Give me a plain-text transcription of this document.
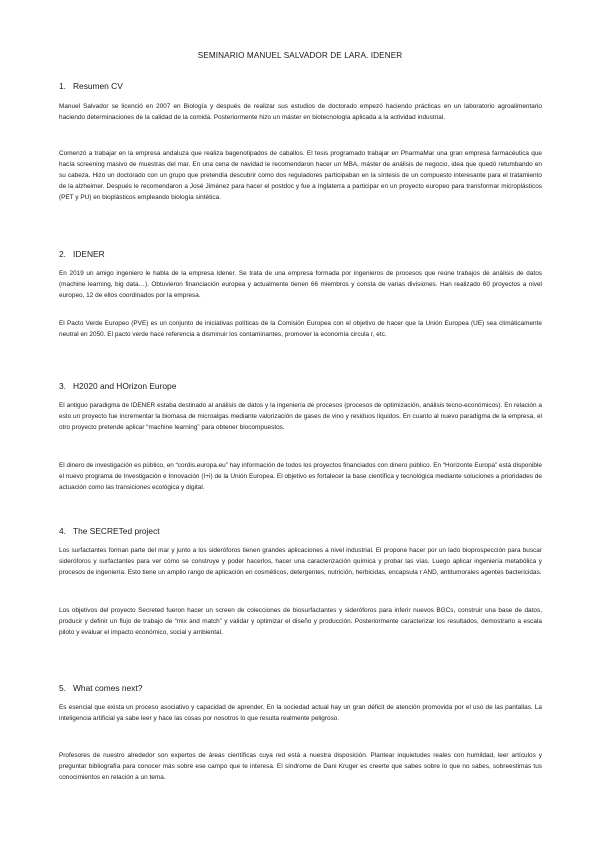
SEMINARIO MANUEL SALVADOR DE LARA. IDENER
1. Resumen CV
Manuel Salvador se licenció en 2007 en Biología y después de realizar sus estudios de doctorado empezó haciendo prácticas en un laboratorio agroalimentario haciendo determinaciones de la calidad de la comida. Posteriormente hizo un máster en biotecnología aplicada a la actividad industrial.
Comenzó a trabajar en la empresa andaluza que realiza bagenotipados de caballos. El tesis programado trabajar en PharmaMar una gran empresa farmacéutica que hacía screening masivo de muestras del mar. En una cena de navidad le recomendaron hacer un MBA, máster de análisis de negocio, idea que quedó retumbando en su cabeza. Hizo un doctorado con un grupo que pretendía descubrir como dos reguladores participaban en la síntesis de un compuesto interesante para el tratamiento de la alzheimer. Después le recomendaron a José Jiménez para hacer el postdoc y fue a Inglaterra a participar en un proyecto europeo para transformar microplásticos (PET y PU) en bioplásticos empleando biología sintética.
2. IDENER
En 2019 un amigo ingeniero le habla de la empresa Idener. Se trata de una empresa formada por ingenieros de procesos que reúne trabajos de análisis de datos (machine learning, big data…). Obtuvieron financiación europea y actualmente tienen 66 miembros y consta de varias divisiones. Han realizado 60 proyectos a nivel europeo, 12 de ellos coordinados por la empresa.
El Pacto Verde Europeo (PVE) es un conjunto de iniciativas políticas de la Comisión Europea con el objetivo de hacer que la Unión Europea (UE) sea climáticamente neutral en 2050. El pacto verde hace referencia a disminuir los contaminantes, promover la economía circula r, etc.
3. H2020 and HOrizon Europe
El antiguo paradigma de IDENER estaba destinado al análisis de datos y la ingeniería de procesos (procesos de optimización, análisis tecno-económicos). En relación a esto un proyecto fue incrementar la biomasa de microalgas mediante valorización de gases de vino y residuos líquidos. En cuanto al nuevo paradigma de la empresa, el otro proyecto pretende aplicar “machine learning” para obtener biocompuestos.
El dinero de investigación es público, en “cordis.europa.eu” hay información de todos los proyectos financiados con dinero público. En “Horizonte Europa” está disponible el nuevo programa de Investigación e Innovación (I+i) de la Unión Europea. El objetivo es fortalecer la base científica y tecnológica mediante soluciones a prioridades de actuación como las transiciones ecológica y digital.
4. The SECRETed project
Los surfactantes forman parte del mar y junto a los sideróforos tienen grandes aplicaciones a nivel industrial. El propone hacer por un lado bioprospección para buscar sideróforos y surfactantes para ver cómo se construye y poder hacerlos, hacer una caracterización química y probar las vías. Luego aplicar ingeniería metabólica y procesos de ingeniería. Esto tiene un amplio rango de aplicación en cosméticos, detergentes, nutrición, herbicidas, encapsula r AND, antitumorales agentes bactericidas.
Los objetivos del proyecto Secreted fueron hacer un screen de colecciones de biosurfactantes y sideróforos para inferir nuevos BGCs, construir una base de datos, producir y definir un flujo de trabajo de “mix and match” y validar y optimizar el diseño y producción. Posteriormente caracterizar los resultados, demostrarlo a escala piloto y evaluar el impacto económico, social y ambiental.
5. What comes next?
Es esencial que exista un proceso asociativo y capacidad de aprender. En la sociedad actual hay un gran déficit de atención promovida por el uso de las pantallas. La inteligencia artificial ya sabe leer y hace las cosas por nosotros lo que resulta realmente peligroso.
Profesores de nuestro alrededor son expertos de áreas científicas cuya red está a nuestra disposición. Plantear inquietudes reales con humildad, leer artículos y preguntar bibliografía para conocer más sobre ese campo que te interesa. El síndrome de Dani Kruger es creerte que sabes sobre lo que no sabes, sobreestimas tus conocimientos en relación a un tema.
